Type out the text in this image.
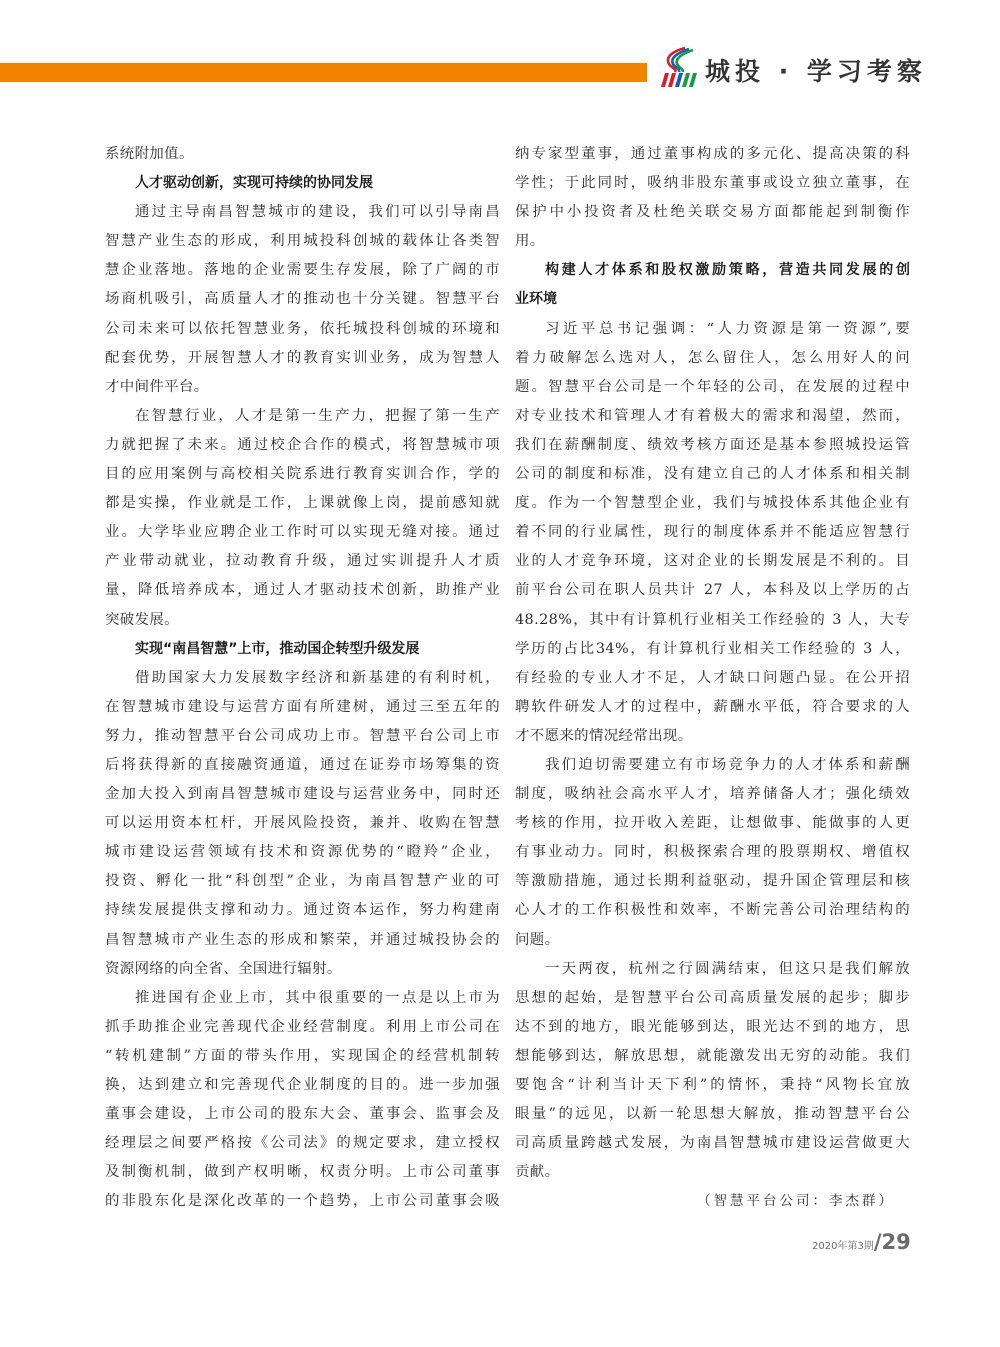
城投 · 学习考察
系统附加值。
人才驱动创新，实现可持续的协同发展
通过主导南昌智慧城市的建设，我们可以引导南昌
智慧产业生态的形成，利用城投科创城的载体让各类智
慧企业落地。落地的企业需要生存发展，除了广阔的市
场商机吸引，高质量人才的推动也十分关键。智慧平台
公司未来可以依托智慧业务，依托城投科创城的环境和
配套优势，开展智慧人才的教育实训业务，成为智慧人
才中间件平台。
在智慧行业，人才是第一生产力，把握了第一生产
力就把握了未来。通过校企合作的模式，将智慧城市项
目的应用案例与高校相关院系进行教育实训合作，学的
都是实操，作业就是工作，上课就像上岗，提前感知就
业。大学毕业应聘企业工作时可以实现无缝对接。通过
产业带动就业，拉动教育升级，通过实训提升人才质
量，降低培养成本，通过人才驱动技术创新，助推产业
突破发展。
实现“南昌智慧”上市，推动国企转型升级发展
借助国家大力发展数字经济和新基建的有利时机，
在智慧城市建设与运营方面有所建树，通过三至五年的
努力，推动智慧平台公司成功上市。智慧平台公司上市
后将获得新的直接融资通道，通过在证券市场筹集的资
金加大投入到南昌智慧城市建设与运营业务中，同时还
可以运用资本杠杆，开展风险投资，兼并、收购在智慧
城市建设运营领域有技术和资源优势的“瞪羚”企业，
投资、孵化一批“科创型”企业，为南昌智慧产业的可
持续发展提供支撑和动力。通过资本运作，努力构建南
昌智慧城市产业生态的形成和繁荣，并通过城投协会的
资源网络的向全省、全国进行辐射。
推进国有企业上市，其中很重要的一点是以上市为
抓手助推企业完善现代企业经营制度。利用上市公司在
“转机建制”方面的带头作用，实现国企的经营机制转
换，达到建立和完善现代企业制度的目的。进一步加强
董事会建设，上市公司的股东大会、董事会、监事会及
经理层之间要严格按《公司法》的规定要求，建立授权
及制衡机制，做到产权明晰，权责分明。上市公司董事
的非股东化是深化改革的一个趋势，上市公司董事会吸
纳专家型董事，通过董事构成的多元化、提高决策的科
学性；于此同时，吸纳非股东董事或设立独立董事，在
保护中小投资者及杜绝关联交易方面都能起到制衡作
用。
构建人才体系和股权激励策略，营造共同发展的创
业环境
习近平总书记强调：“人力资源是第一资源”,要
着力破解怎么选对人，怎么留住人，怎么用好人的问
题。智慧平台公司是一个年轻的公司，在发展的过程中
对专业技术和管理人才有着极大的需求和渴望，然而，
我们在薪酬制度、绩效考核方面还是基本参照城投运管
公司的制度和标准，没有建立自己的人才体系和相关制
度。作为一个智慧型企业，我们与城投体系其他企业有
着不同的行业属性，现行的制度体系并不能适应智慧行
业的人才竞争环境，这对企业的长期发展是不利的。目
前平台公司在职人员共计 27 人，本科及以上学历的占
48.28%，其中有计算机行业相关工作经验的 3 人，大专
学历的占比34%，有计算机行业相关工作经验的 3 人，
有经验的专业人才不足，人才缺口问题凸显。在公开招
聘软件研发人才的过程中，薪酬水平低，符合要求的人
才不愿来的情况经常出现。
我们迫切需要建立有市场竞争力的人才体系和薪酬
制度，吸纳社会高水平人才，培养储备人才；强化绩效
考核的作用，拉开收入差距，让想做事、能做事的人更
有事业动力。同时，积极探索合理的股票期权、增值权
等激励措施，通过长期利益驱动，提升国企管理层和核
心人才的工作积极性和效率，不断完善公司治理结构的
问题。
一天两夜，杭州之行圆满结束，但这只是我们解放
思想的起始，是智慧平台公司高质量发展的起步；脚步
达不到的地方，眼光能够到达，眼光达不到的地方，思
想能够到达，解放思想，就能激发出无穷的动能。我们
要饱含“计利当计天下利”的情怀，秉持“风物长宜放
眼量”的远见，以新一轮思想大解放，推动智慧平台公
司高质量跨越式发展，为南昌智慧城市建设运营做更大
贡献。
（智慧平台公司：李杰群）
2020年第3期/29
